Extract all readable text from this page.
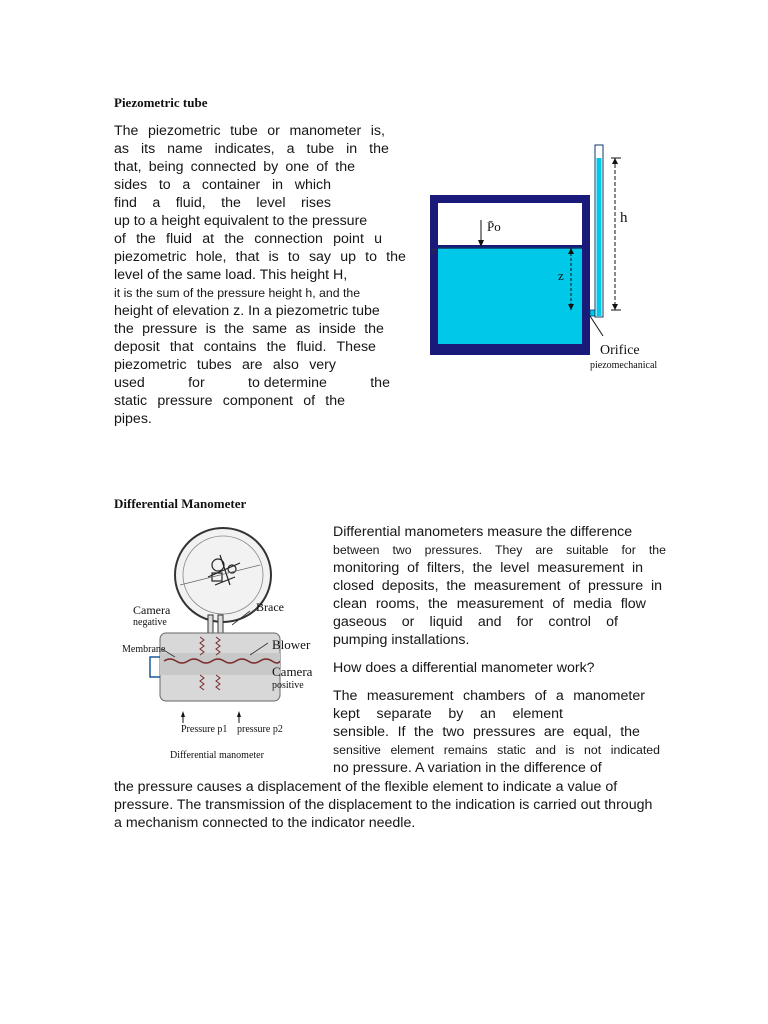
Piezometric tube
The piezometric tube or manometer is,
as its name indicates, a tube in the
that, being connected by one of the
sides to a container in which
find a fluid, the level rises
up to a height equivalent to the pressure
of the fluid at the connection point u
piezometric hole, that is to say up to the
level of the same load. This height H,
it is the sum of the pressure height h, and the
height of elevation z. In a piezometric tube
the pressure is the same as inside the
deposit that contains the fluid. These
piezometric tubes are also very
used	for	to determine	the
static pressure component of the
pipes.
P̄o
h
z
Orifice
piezomechanical
Differential Manometer
Differential manometers measure the difference
between two pressures. They are suitable for the
monitoring of filters, the level measurement in
closed deposits, the measurement of pressure in
clean rooms, the measurement of media flow
gaseous or liquid and for control of
pumping installations.
How does a differential manometer work?
The measurement chambers of a manometer
kept separate by an element
sensible. If the two pressures are equal, the
sensitive element remains static and is not indicated
no pressure. A variation in the difference of
the pressure causes a displacement of the flexible element to indicate a value of
pressure. The transmission of the displacement to the indication is carried out through
a mechanism connected to the indicator needle.
Camera
negative
Brace
Membrane	Blower
Camera
positive
Pressure p1 pressure p2
Differential manometer
